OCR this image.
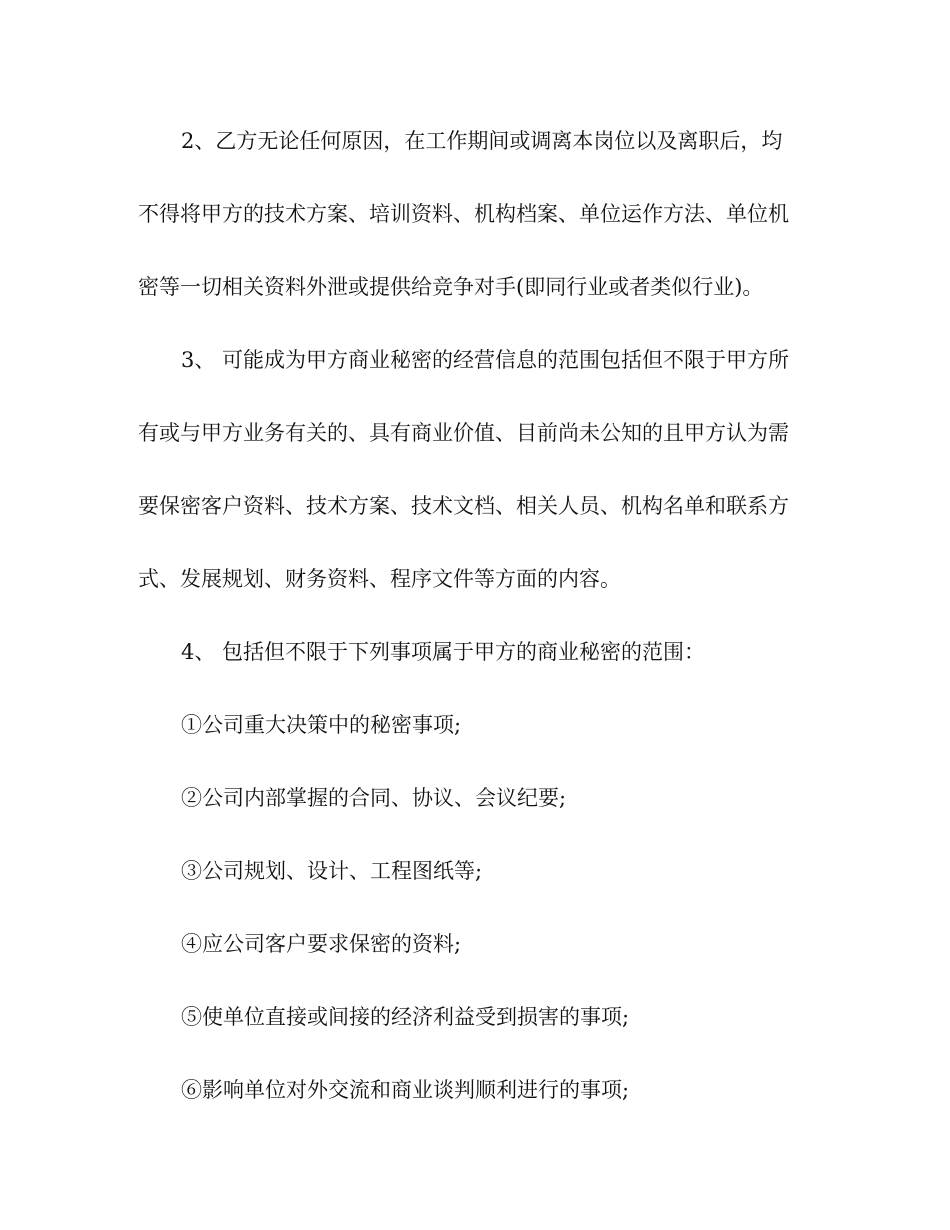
2、乙方无论任何原因，在工作期间或调离本岗位以及离职后，均
不得将甲方的技术方案、培训资料、机构档案、单位运作方法、单位机
密等一切相关资料外泄或提供给竞争对手(即同行业或者类似行业)。
3、 可能成为甲方商业秘密的经营信息的范围包括但不限于甲方所
有或与甲方业务有关的、具有商业价值、目前尚未公知的且甲方认为需
要保密客户资料、技术方案、技术文档、相关人员、机构名单和联系方
式、发展规划、财务资料、程序文件等方面的内容。
4、 包括但不限于下列事项属于甲方的商业秘密的范围：
①公司重大决策中的秘密事项;
②公司内部掌握的合同、协议、会议纪要;
③公司规划、设计、工程图纸等;
④应公司客户要求保密的资料;
⑤使单位直接或间接的经济利益受到损害的事项;
⑥影响单位对外交流和商业谈判顺利进行的事项;
